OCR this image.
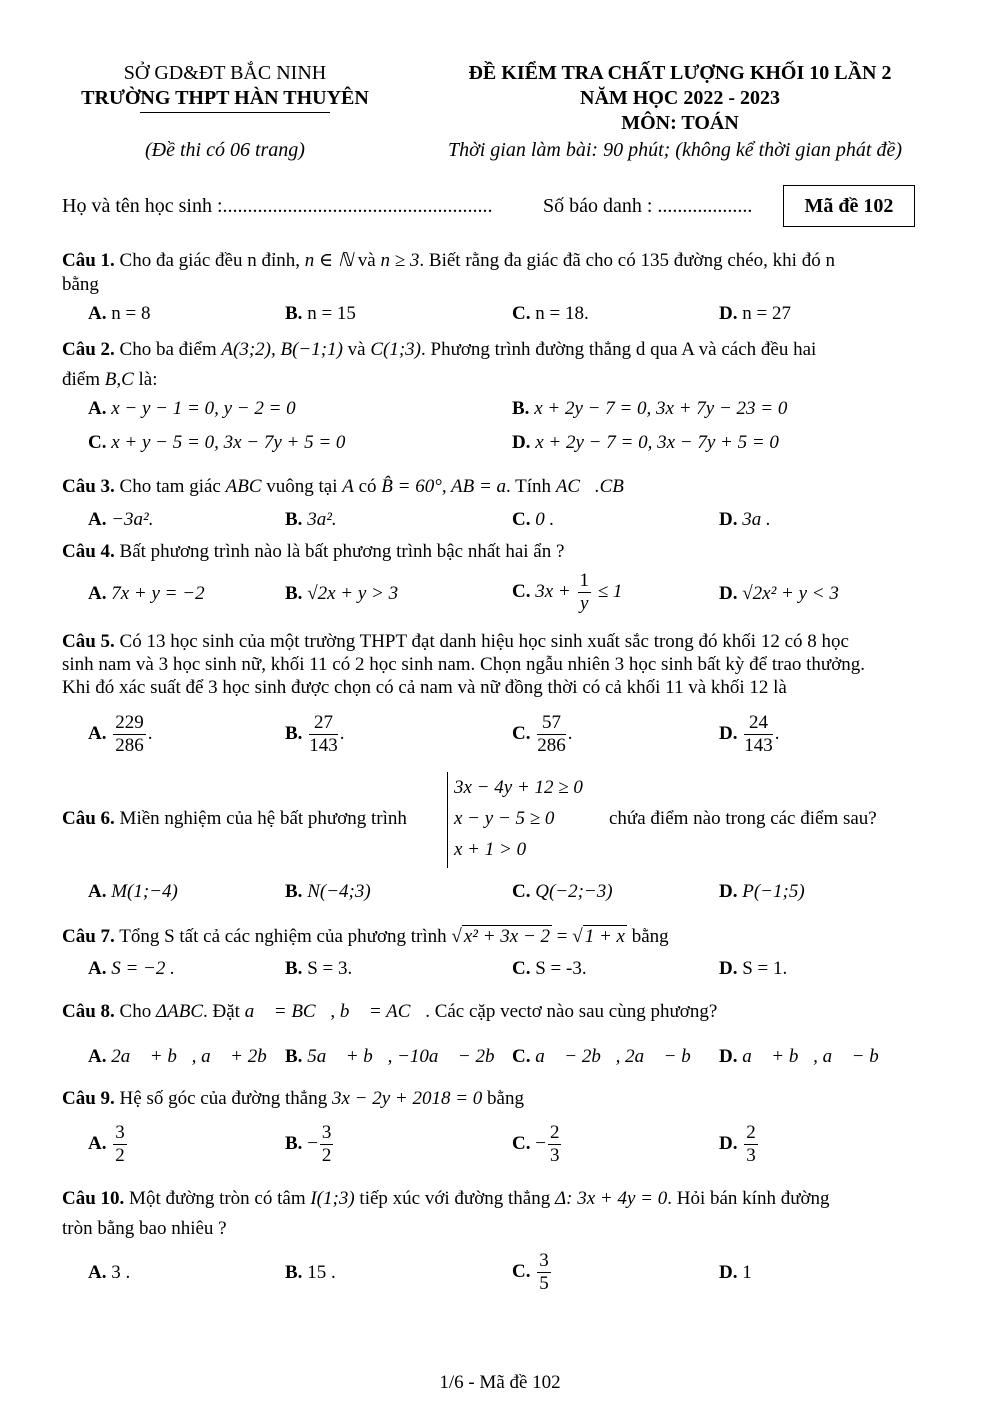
SỞ GD&ĐT BẮC NINH
TRƯỜNG THPT HÀN THUYÊN
(Đề thi có 06 trang)
ĐỀ KIỂM TRA CHẤT LƯỢNG KHỐI 10 LẦN 2
NĂM HỌC 2022 - 2023
MÔN: TOÁN
Thời gian làm bài: 90 phút; (không kể thời gian phát đề)
Họ và tên học sinh :......................................................	Số báo danh : ...................	Mã đề 102
Câu 1. Cho đa giác đều n đỉnh, n ∈ ℕ và n ≥ 3. Biết rằng đa giác đã cho có 135 đường chéo, khi đó n
bằng
A. n = 8	B. n = 15	C. n = 18.	D. n = 27
Câu 2. Cho ba điểm A(3;2), B(−1;1) và C(1;3). Phương trình đường thẳng d qua A và cách đều hai
điểm B,C là:
A. x − y − 1 = 0, y − 2 = 0	B. x + 2y − 7 = 0, 3x + 7y − 23 = 0
C. x + y − 5 = 0, 3x − 7y + 5 = 0	D. x + 2y − 7 = 0, 3x − 7y + 5 = 0
Câu 3. Cho tam giác ABC vuông tại A có B̂ = 60°, AB = a. Tính AC⃗.CB⃗
A. −3a².	B. 3a².	C. 0 .	D. 3a .
Câu 4. Bất phương trình nào là bất phương trình bậc nhất hai ẩn ?
A. 7x + y = −2	B. √2x + y > 3	C. $3x + \frac{1}{y} \le 1$	D. √2x² + y < 3
Câu 5. Có 13 học sinh của một trường THPT đạt danh hiệu học sinh xuất sắc trong đó khối 12 có 8 học
sinh nam và 3 học sinh nữ, khối 11 có 2 học sinh nam. Chọn ngẫu nhiên 3 học sinh bất kỳ để trao thưởng.
Khi đó xác suất để 3 học sinh được chọn có cả nam và nữ đồng thời có cả khối 11 và khối 12 là
A. $\frac{229}{286}$ .	B. $\frac{27}{143}$ .	C. $\frac{57}{286}$ .	D. $\frac{24}{143}$ .
Câu 6. Miền nghiệm của hệ bất phương trình
3x − 4y + 12 ≥ 0
x − y − 5 ≥ 0
x + 1 > 0
chứa điểm nào trong các điểm sau?
A. M(1;−4)	B. N(−4;3)	C. Q(−2;−3)	D. P(−1;5)
Câu 7. Tổng S tất cả các nghiệm của phương trình √ x² + 3x − 2 = √ 1 + x bằng
A. S = −2 .	B. S = 3.	C. S = -3.	D. S = 1.
Câu 8. Cho ΔABC. Đặt a⃗ = BC⃗, b⃗ = AC⃗. Các cặp vectơ nào sau cùng phương?
A. 2a⃗ + b⃗, a⃗ + 2b⃗ B. 5a⃗ + b⃗, −10a⃗ − 2b⃗ C. a⃗ − 2b⃗, 2a⃗ − b⃗ D. a⃗ + b⃗, a⃗ − b⃗
Câu 9. Hệ số góc của đường thẳng 3x − 2y + 2018 = 0 bằng
A. $\frac{3}{2}$	B. − $\frac{3}{2}$	C. − $\frac{2}{3}$	D. $\frac{2}{3}$
Câu 10. Một đường tròn có tâm I(1;3) tiếp xúc với đường thẳng Δ: 3x + 4y = 0. Hỏi bán kính đường
tròn bằng bao nhiêu ?
A. 3 .	B. 15 .	C. $\frac{3}{5}$	D. 1
1/6 - Mã đề 102
